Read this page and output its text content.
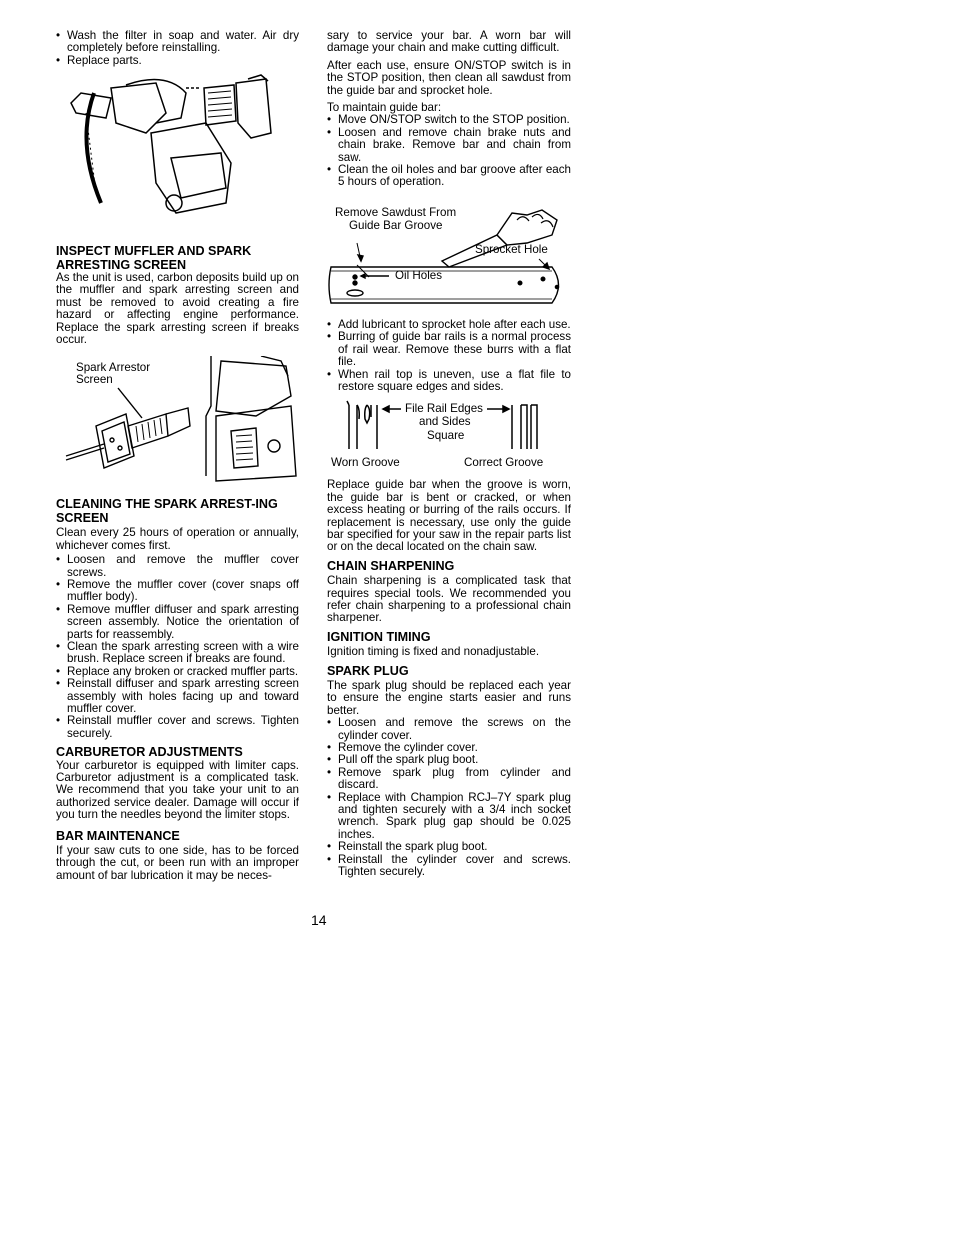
• Wash the filter in soap and water. Air dry completely before reinstalling.
• Replace parts.
INSPECT MUFFLER AND SPARK ARRESTING SCREEN

As the unit is used, carbon deposits build up on the muffler and spark arresting screen and must be removed to avoid creating a fire hazard or affecting engine performance. Replace the spark arresting screen if breaks occur.

Spark Arrestor
Screen
CLEANING THE SPARK ARREST-ING SCREEN

Clean every 25 hours of operation or annually, whichever comes first.

• Loosen and remove the muffler cover screws.
• Remove the muffler cover (cover snaps off muffler body).
• Remove muffler diffuser and spark arresting screen assembly. Notice the orientation of parts for reassembly.
• Clean the spark arresting screen with a wire brush. Replace screen if breaks are found.
• Replace any broken or cracked muffler parts.
• Reinstall diffuser and spark arresting screen assembly with holes facing up and toward muffler cover.
• Reinstall muffler cover and screws. Tighten securely.
CARBURETOR ADJUSTMENTS

Your carburetor is equipped with limiter caps. Carburetor adjustment is a complicated task. We recommend that you take your unit to an authorized service dealer. Damage will occur if you turn the needles beyond the limiter stops.

BAR MAINTENANCE

If your saw cuts to one side, has to be forced through the cut, or been run with an improper amount of bar lubrication it may be neces-

sary to service your bar. A worn bar will damage your chain and make cutting difficult.

After each use, ensure ON/STOP switch is in the STOP position, then clean all sawdust from the guide bar and sprocket hole.

To maintain guide bar:

• Move ON/STOP switch to the STOP position.
• Loosen and remove chain brake nuts and chain brake. Remove bar and chain from saw.
• Clean the oil holes and bar groove after each 5 hours of operation.
Remove Sawdust From
Guide Bar Groove
Sprocket Hole
Oil Holes
• Add lubricant to sprocket hole after each use.
• Burring of guide bar rails is a normal process of rail wear. Remove these burrs with a flat file.
• When rail top is uneven, use a flat file to restore square edges and sides.
File Rail Edges
and Sides
Square
Worn Groove	Correct Groove

Replace guide bar when the groove is worn, the guide bar is bent or cracked, or when excess heating or burring of the rails occurs. If replacement is necessary, use only the guide bar specified for your saw in the repair parts list or on the decal located on the chain saw.

CHAIN SHARPENING

Chain sharpening is a complicated task that requires special tools. We recommended you refer chain sharpening to a professional chain sharpener.

IGNITION TIMING

Ignition timing is fixed and nonadjustable.

SPARK PLUG

The spark plug should be replaced each year to ensure the engine starts easier and runs better.

• Loosen and remove the screws on the cylinder cover.
• Remove the cylinder cover.
• Pull off the spark plug boot.
• Remove spark plug from cylinder and discard.
• Replace with Champion RCJ–7Y spark plug and tighten securely with a 3/4 inch socket wrench. Spark plug gap should be 0.025 inches.
• Reinstall the spark plug boot.
• Reinstall the cylinder cover and screws. Tighten securely.
14
